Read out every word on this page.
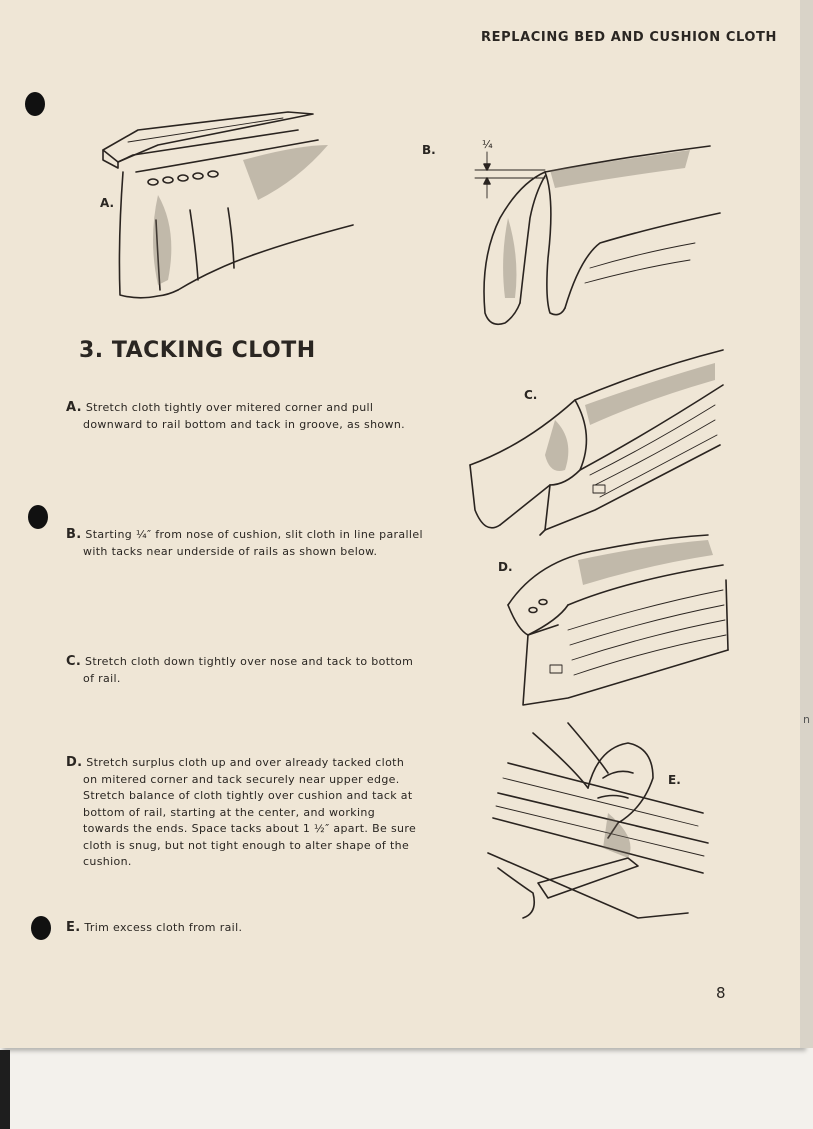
n
REPLACING BED AND CUSHION CLOTH
A.
B.	¼
C.
D.
E.
3. TACKING CLOTH
A. Stretch cloth tightly over mitered corner and pull downward to rail bottom and tack in groove, as shown.
B. Starting ¼″ from nose of cushion, slit cloth in line parallel with tacks near underside of rails as shown below.
C. Stretch cloth down tightly over nose and tack to bottom of rail.
D. Stretch surplus cloth up and over already tacked cloth on mitered corner and tack securely near upper edge. Stretch balance of cloth tightly over cushion and tack at bottom of rail, starting at the center, and working towards the ends. Space tacks about 1 ½″ apart. Be sure cloth is snug, but not tight enough to alter shape of the cushion.
E. Trim excess cloth from rail.
8
